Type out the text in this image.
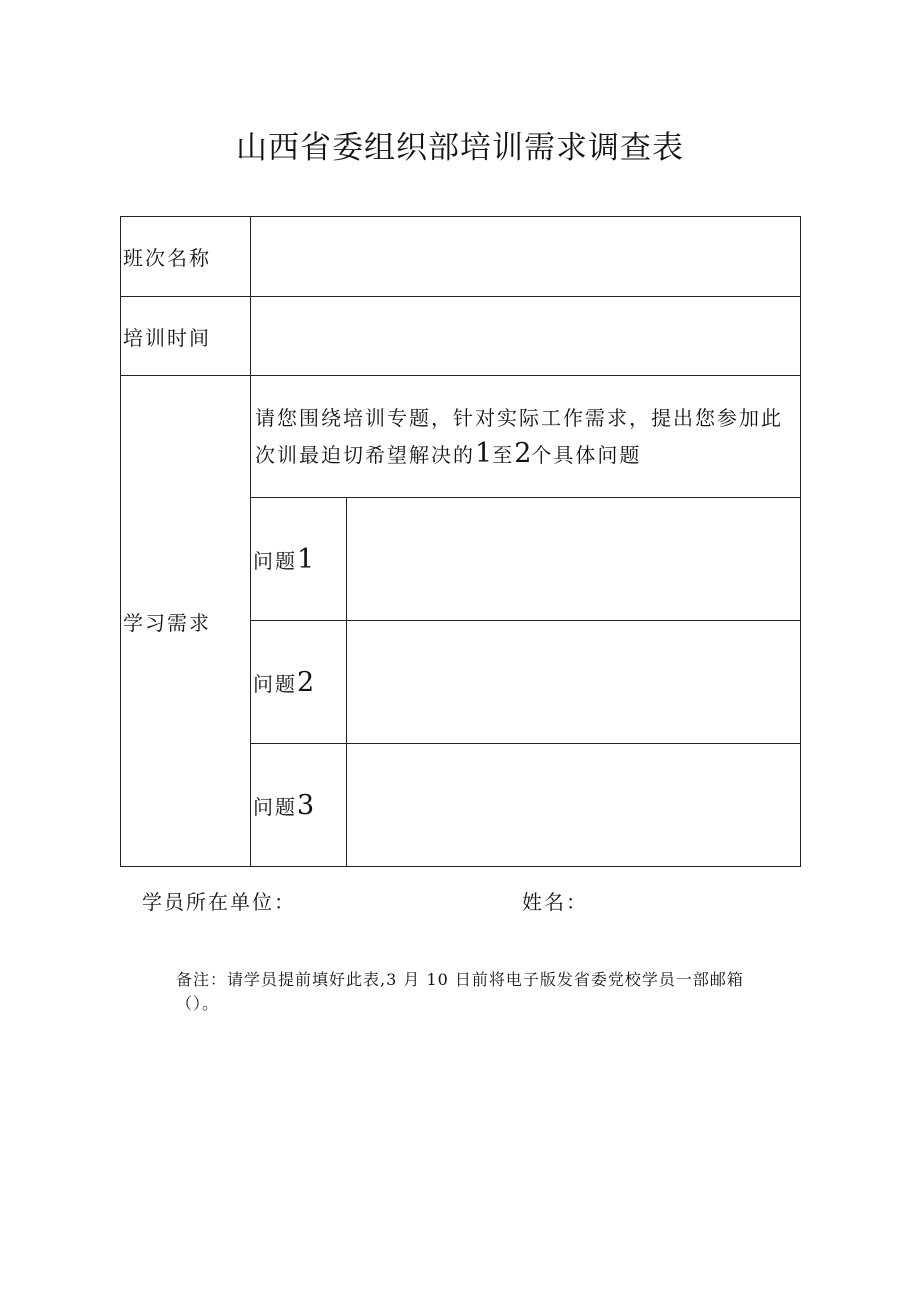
山西省委组织部培训需求调查表
班次名称		
培训时间		
学习需求	请您围绕培训专题，针对实际工作需求，提出您参加此次训最迫切希望解决的1至2个具体问题	
	问题1	
	问题2	
	问题3	
学员所在单位：	姓名：
备注：请学员提前填好此表,3 月 10 日前将电子版发省委党校学员一部邮箱
（）。
